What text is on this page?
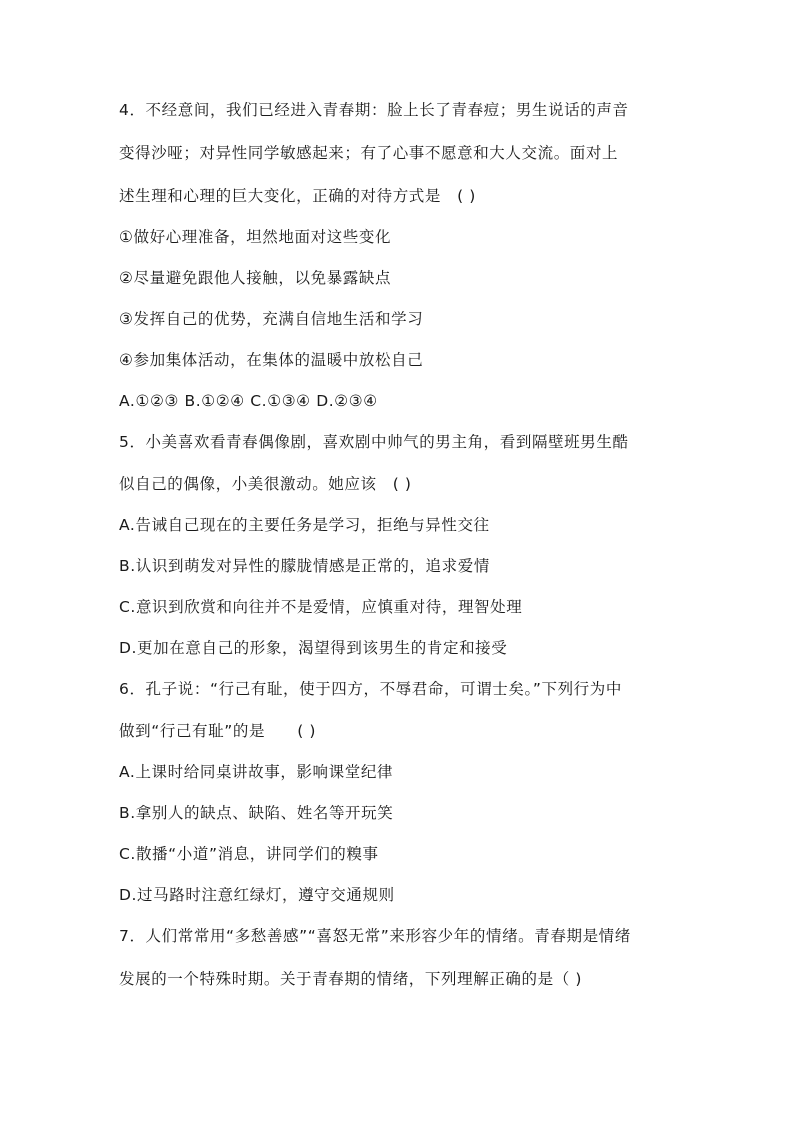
4．不经意间，我们已经进入青春期：脸上长了青春痘；男生说话的声音

变得沙哑；对异性同学敏感起来；有了心事不愿意和大人交流。面对上

述生理和心理的巨大变化，正确的对待方式是　( )

①做好心理准备，坦然地面对这些变化

②尽量避免跟他人接触，以免暴露缺点

③发挥自己的优势，充满自信地生活和学习

④参加集体活动，在集体的温暖中放松自己

A.①②③ B.①②④ C.①③④ D.②③④

5．小美喜欢看青春偶像剧，喜欢剧中帅气的男主角，看到隔壁班男生酷

似自己的偶像，小美很激动。她应该　( )

A.告诫自己现在的主要任务是学习，拒绝与异性交往

B.认识到萌发对异性的朦胧情感是正常的，追求爱情

C.意识到欣赏和向往并不是爱情，应慎重对待，理智处理

D.更加在意自己的形象，渴望得到该男生的肯定和接受

6．孔子说：“行己有耻，使于四方，不辱君命，可谓士矣。”下列行为中

做到“行己有耻”的是　　( )

A.上课时给同桌讲故事，影响课堂纪律

B.拿别人的缺点、缺陷、姓名等开玩笑

C.散播“小道”消息，讲同学们的糗事

D.过马路时注意红绿灯，遵守交通规则

7．人们常常用“多愁善感”“喜怒无常”来形容少年的情绪。青春期是情绪

发展的一个特殊时期。关于青春期的情绪，下列理解正确的是（ )
